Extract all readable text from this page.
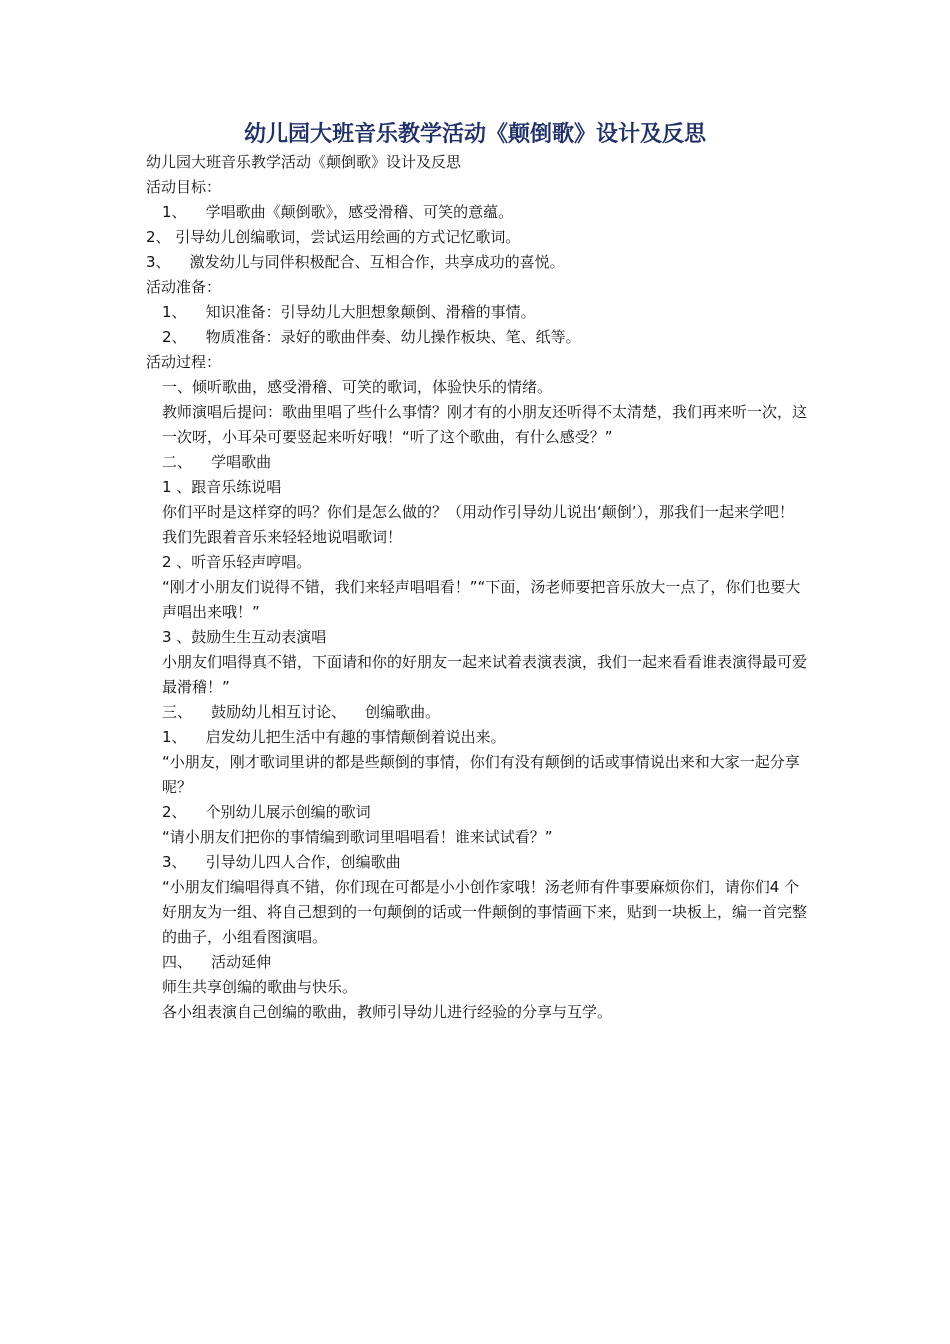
幼儿园大班音乐教学活动《颠倒歌》设计及反思

幼儿园大班音乐教学活动《颠倒歌》设计及反思

活动目标：

1、    学唱歌曲《颠倒歌》，感受滑稽、可笑的意蕴。

2、 引导幼儿创编歌词，尝试运用绘画的方式记忆歌词。

3、    激发幼儿与同伴积极配合、互相合作，共享成功的喜悦。

活动准备：

1、    知识准备：引导幼儿大胆想象颠倒、滑稽的事情。

2、    物质准备：录好的歌曲伴奏、幼儿操作板块、笔、纸等。

活动过程：

一、倾听歌曲，感受滑稽、可笑的歌词，体验快乐的情绪。

教师演唱后提问：歌曲里唱了些什么事情？刚才有的小朋友还听得不太清楚，我们再来听一次，这一次呀，小耳朵可要竖起来听好哦！“听了这个歌曲，有什么感受？”

二、    学唱歌曲

1 、跟音乐练说唱

你们平时是这样穿的吗？你们是怎么做的？（用动作引导幼儿说出‘颠倒’），那我们一起来学吧！我们先跟着音乐来轻轻地说唱歌词！

2 、听音乐轻声哼唱。

“刚才小朋友们说得不错，我们来轻声唱唱看！”“下面，汤老师要把音乐放大一点了，你们也要大声唱出来哦！”

3 、鼓励生生互动表演唱

小朋友们唱得真不错，下面请和你的好朋友一起来试着表演表演，我们一起来看看谁表演得最可爱最滑稽！”

三、    鼓励幼儿相互讨论、    创编歌曲。

1、    启发幼儿把生活中有趣的事情颠倒着说出来。

“小朋友，刚才歌词里讲的都是些颠倒的事情，你们有没有颠倒的话或事情说出来和大家一起分享呢？

2、    个别幼儿展示创编的歌词

“请小朋友们把你的事情编到歌词里唱唱看！谁来试试看？”

3、    引导幼儿四人合作，创编歌曲

“小朋友们编唱得真不错，你们现在可都是小小创作家哦！汤老师有件事要麻烦你们，请你们4 个好朋友为一组、将自己想到的一句颠倒的话或一件颠倒的事情画下来，贴到一块板上，编一首完整的曲子，小组看图演唱。

四、    活动延伸

师生共享创编的歌曲与快乐。

各小组表演自己创编的歌曲，教师引导幼儿进行经验的分享与互学。
